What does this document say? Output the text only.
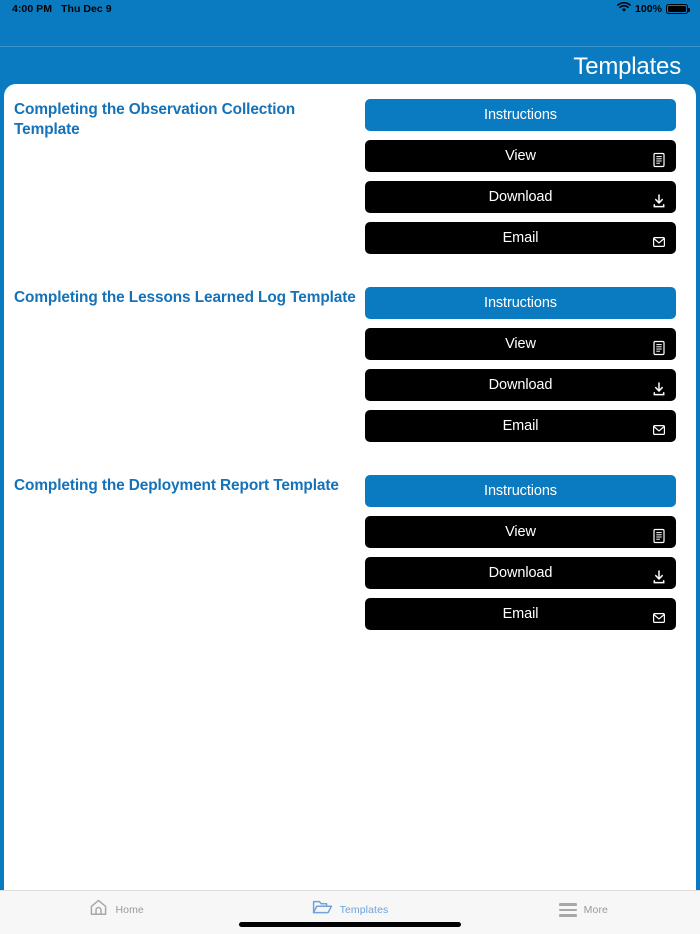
4:00 PM Thu Dec 9	100%
Templates
Completing the Observation Collection Template
Instructions
View
Download
Email
Completing the Lessons Learned Log Template	Instructions
View
Download
Email
Completing the Deployment Report Template	Instructions
View
Download
Email
Home	Templates	More
